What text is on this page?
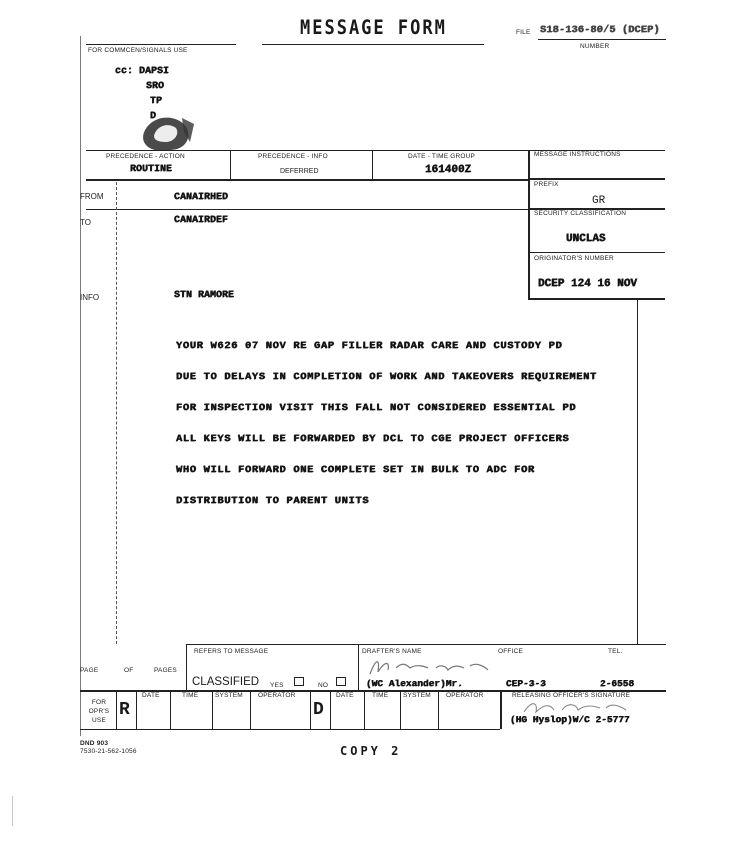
MESSAGE FORM	FILE S18-136-80/5 (DCEP)
NUMBER
FOR COMMCEN/SIGNALS USE
cc: DAPSI
SRO
TP
D
PRECEDENCE - ACTION
ROUTINE
PRECEDENCE - INFO
DEFERRED
DATE - TIME GROUP
161400Z
MESSAGE INSTRUCTIONS
PREFIX
GR
SECURITY CLASSIFICATION
UNCLAS
ORIGINATOR'S NUMBER
DCEP 124 16 NOV
FROM	CANAIRHED
TO	CANAIRDEF
INFO	STN RAMORE
YOUR W626 07 NOV RE GAP FILLER RADAR CARE AND CUSTODY PD
DUE TO DELAYS IN COMPLETION OF WORK AND TAKEOVERS REQUIREMENT
FOR INSPECTION VISIT THIS FALL NOT CONSIDERED ESSENTIAL PD
ALL KEYS WILL BE FORWARDED BY DCL TO CGE PROJECT OFFICERS
WHO WILL FORWARD ONE COMPLETE SET IN BULK TO ADC FOR
DISTRIBUTION TO PARENT UNITS
PAGE	OF	PAGES
REFERS TO MESSAGE
CLASSIFIED YES	NO
DRAFTER'S NAME	OFFICE	TEL.
(WC Alexander)Mr.	CEP-3-3	2-6558
FOR OPR'S USE
R
DATE	TIME	SYSTEM OPERATOR
D
DATE	TIME SYSTEM OPERATOR	RELEASING OFFICER'S SIGNATURE
(HG Hyslop)W/C 2-5777
DND 903
7530-21-562-1056	COPY 2
